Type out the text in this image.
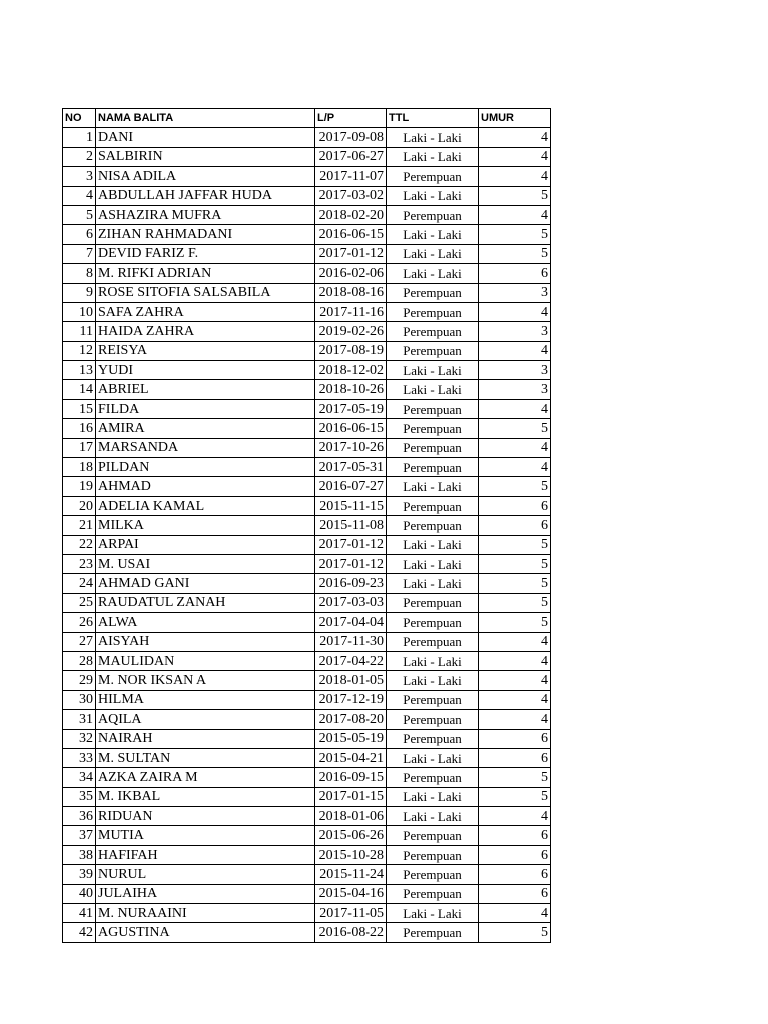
NO	NAMA BALITA	L/P	TTL	UMUR
1	DANI	2017-09-08	Laki - Laki	4
2	SALBIRIN	2017-06-27	Laki - Laki	4
3	NISA ADILA	2017-11-07	Perempuan	4
4	ABDULLAH JAFFAR HUDA	2017-03-02	Laki - Laki	5
5	ASHAZIRA MUFRA	2018-02-20	Perempuan	4
6	ZIHAN RAHMADANI	2016-06-15	Laki - Laki	5
7	DEVID FARIZ F.	2017-01-12	Laki - Laki	5
8	M. RIFKI ADRIAN	2016-02-06	Laki - Laki	6
9	ROSE SITOFIA SALSABILA	2018-08-16	Perempuan	3
10	SAFA ZAHRA	2017-11-16	Perempuan	4
11	HAIDA ZAHRA	2019-02-26	Perempuan	3
12	REISYA	2017-08-19	Perempuan	4
13	YUDI	2018-12-02	Laki - Laki	3
14	ABRIEL	2018-10-26	Laki - Laki	3
15	FILDA	2017-05-19	Perempuan	4
16	AMIRA	2016-06-15	Perempuan	5
17	MARSANDA	2017-10-26	Perempuan	4
18	PILDAN	2017-05-31	Perempuan	4
19	AHMAD	2016-07-27	Laki - Laki	5
20	ADELIA KAMAL	2015-11-15	Perempuan	6
21	MILKA	2015-11-08	Perempuan	6
22	ARPAI	2017-01-12	Laki - Laki	5
23	M. USAI	2017-01-12	Laki - Laki	5
24	AHMAD GANI	2016-09-23	Laki - Laki	5
25	RAUDATUL ZANAH	2017-03-03	Perempuan	5
26	ALWA	2017-04-04	Perempuan	5
27	AISYAH	2017-11-30	Perempuan	4
28	MAULIDAN	2017-04-22	Laki - Laki	4
29	M. NOR IKSAN A	2018-01-05	Laki - Laki	4
30	HILMA	2017-12-19	Perempuan	4
31	AQILA	2017-08-20	Perempuan	4
32	NAIRAH	2015-05-19	Perempuan	6
33	M. SULTAN	2015-04-21	Laki - Laki	6
34	AZKA ZAIRA M	2016-09-15	Perempuan	5
35	M. IKBAL	2017-01-15	Laki - Laki	5
36	RIDUAN	2018-01-06	Laki - Laki	4
37	MUTIA	2015-06-26	Perempuan	6
38	HAFIFAH	2015-10-28	Perempuan	6
39	NURUL	2015-11-24	Perempuan	6
40	JULAIHA	2015-04-16	Perempuan	6
41	M. NURAAINI	2017-11-05	Laki - Laki	4
42	AGUSTINA	2016-08-22	Perempuan	5
